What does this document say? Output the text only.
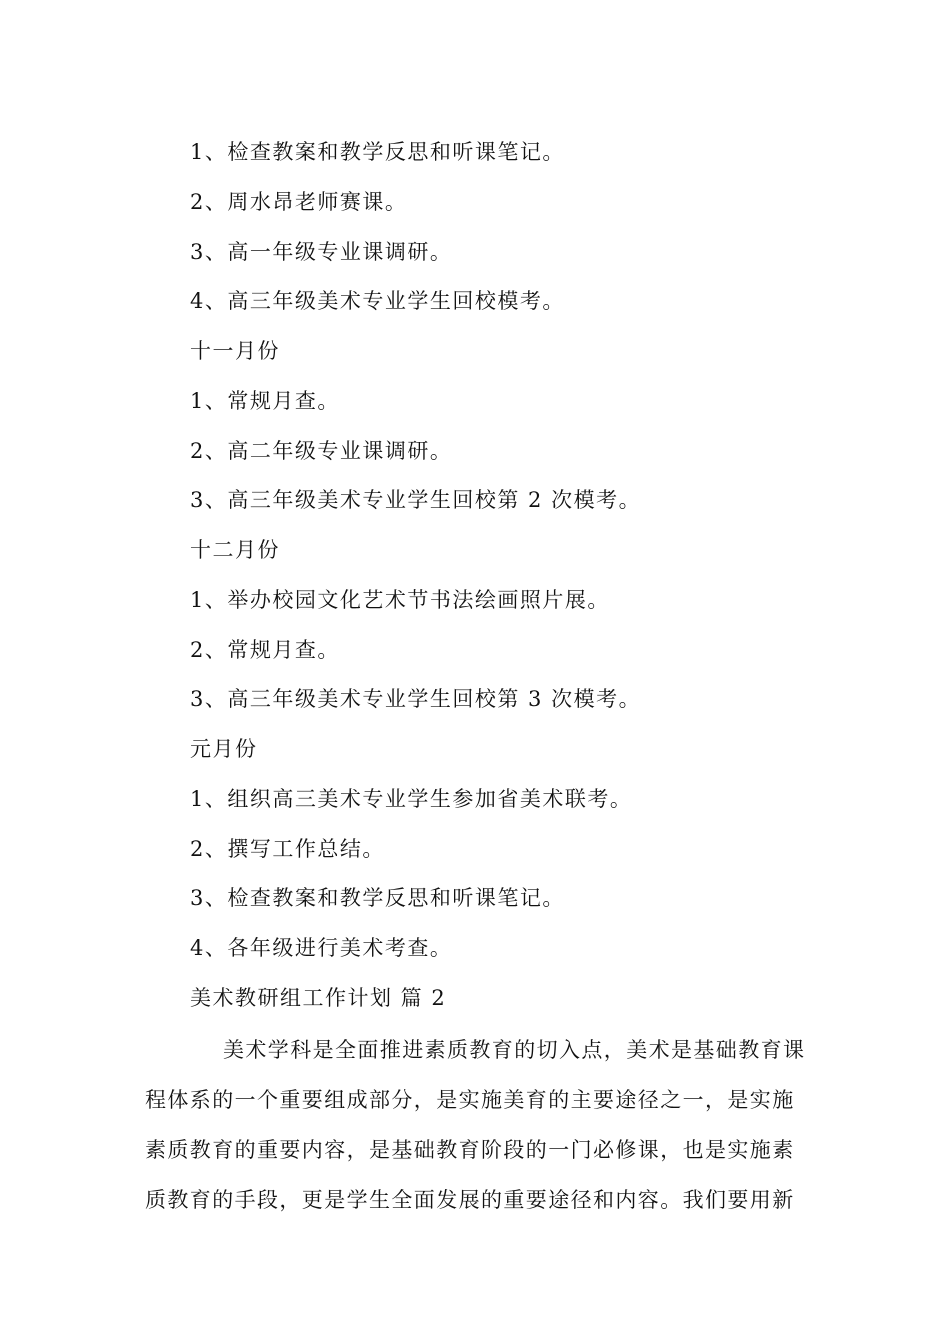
1、检查教案和教学反思和听课笔记。
2、周水昂老师赛课。
3、高一年级专业课调研。
4、高三年级美术专业学生回校模考。
十一月份
1、常规月查。
2、高二年级专业课调研。
3、高三年级美术专业学生回校第 2 次模考。
十二月份
1、举办校园文化艺术节书法绘画照片展。
2、常规月查。
3、高三年级美术专业学生回校第 3 次模考。
元月份
1、组织高三美术专业学生参加省美术联考。
2、撰写工作总结。
3、检查教案和教学反思和听课笔记。
4、各年级进行美术考查。
美术教研组工作计划 篇 2
美术学科是全面推进素质教育的切入点，美术是基础教育课
程体系的一个重要组成部分，是实施美育的主要途径之一，是实施
素质教育的重要内容，是基础教育阶段的一门必修课，也是实施素
质教育的手段，更是学生全面发展的重要途径和内容。我们要用新
